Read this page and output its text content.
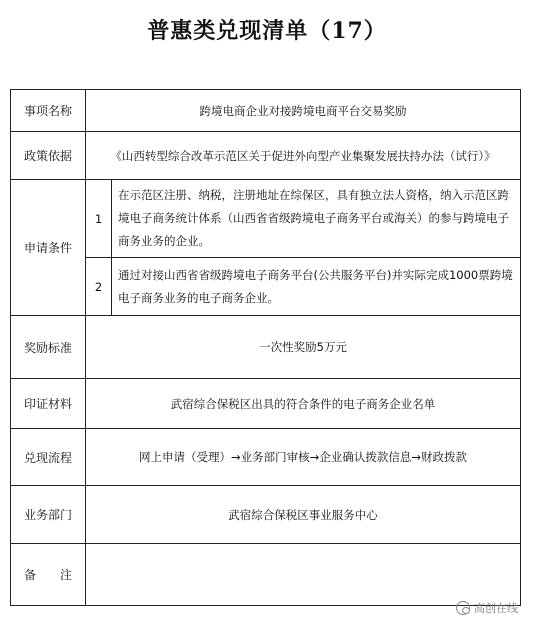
普惠类兑现清单（17）
事项名称	跨境电商企业对接跨境电商平台交易奖励	
政策依据	《山西转型综合改革示范区关于促进外向型产业集聚发展扶持办法（试行）》	
申请条件	1	在示范区注册、纳税，注册地址在综保区，具有独立法人资格，纳入示范区跨境电子商务统计体系（山西省省级跨境电子商务平台或海关）的参与跨境电子商务业务的企业。
	2	通过对接山西省省级跨境电子商务平台(公共服务平台)并实际完成1000票跨境电子商务业务的电子商务企业。
奖励标准	一次性奖励5万元	
印证材料	武宿综合保税区出具的符合条件的电子商务企业名单	
兑现流程	网上申请（受理）→业务部门审核→企业确认拨款信息→财政拨款	
业务部门	武宿综合保税区事业服务中心	
备　　注		
高创在线
